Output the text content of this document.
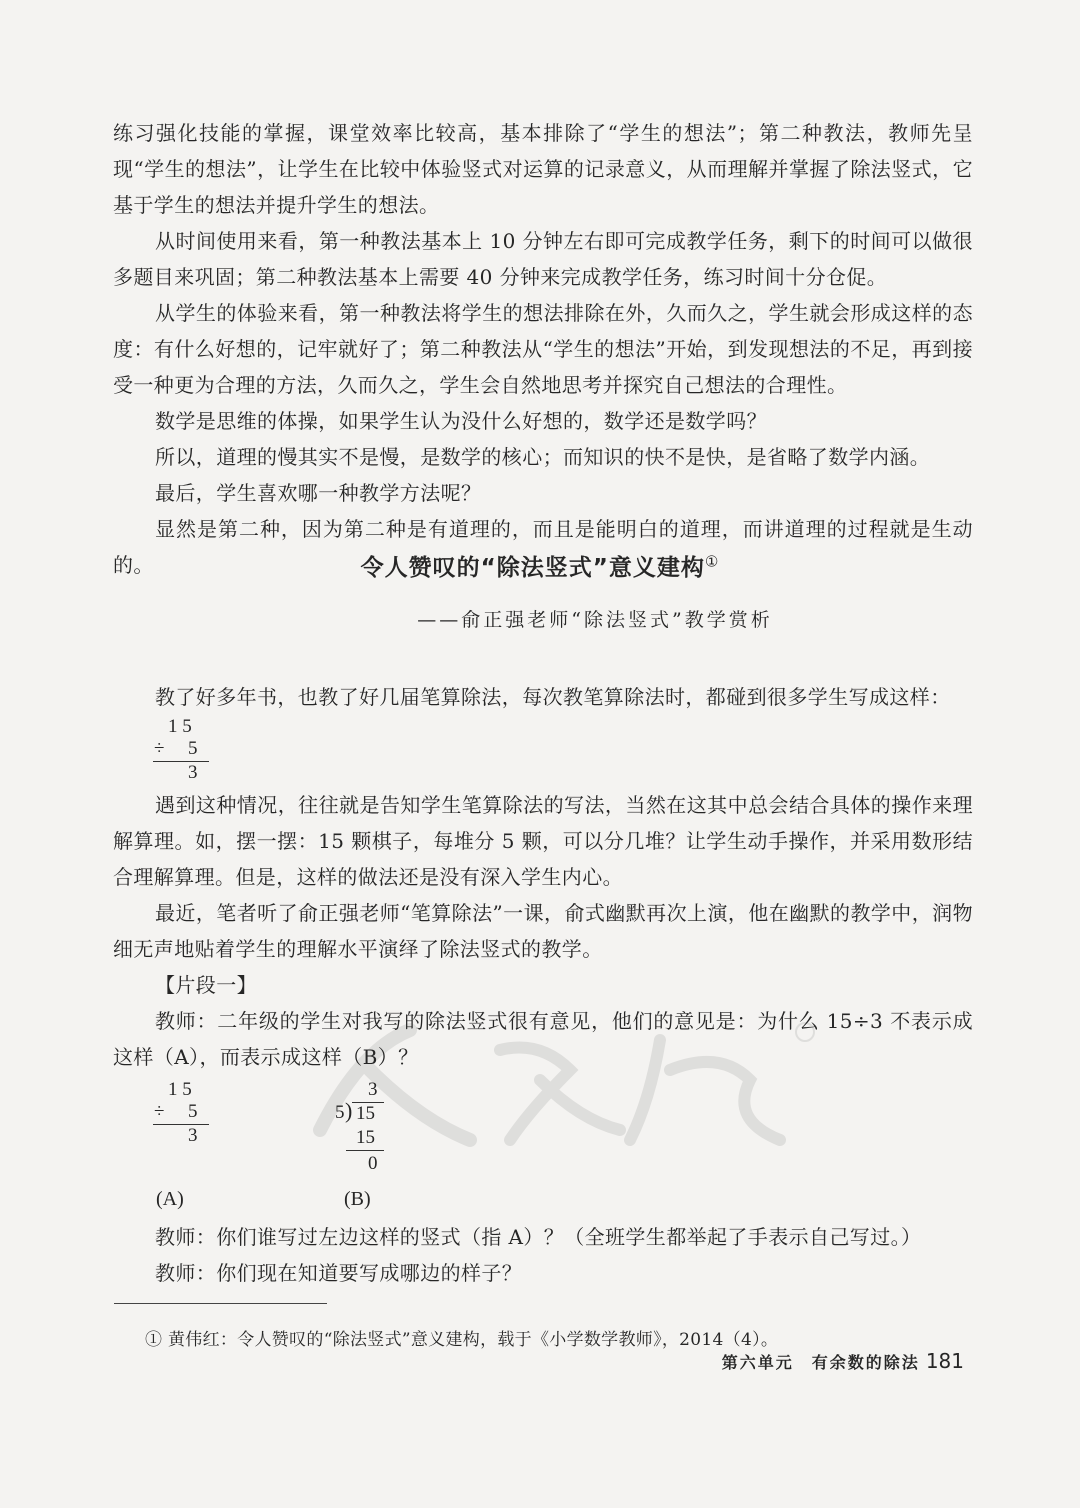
练习强化技能的掌握，课堂效率比较高，基本排除了“学生的想法”；第二种教法，教师先呈现“学生的想法”，让学生在比较中体验竖式对运算的记录意义，从而理解并掌握了除法竖式，它基于学生的想法并提升学生的想法。

从时间使用来看，第一种教法基本上 10 分钟左右即可完成教学任务，剩下的时间可以做很多题目来巩固；第二种教法基本上需要 40 分钟来完成教学任务，练习时间十分仓促。

从学生的体验来看，第一种教法将学生的想法排除在外，久而久之，学生就会形成这样的态度：有什么好想的，记牢就好了；第二种教法从“学生的想法”开始，到发现想法的不足，再到接受一种更为合理的方法，久而久之，学生会自然地思考并探究自己想法的合理性。

数学是思维的体操，如果学生认为没什么好想的，数学还是数学吗？

所以，道理的慢其实不是慢，是数学的核心；而知识的快不是快，是省略了数学内涵。

最后，学生喜欢哪一种教学方法呢？

显然是第二种，因为第二种是有道理的，而且是能明白的道理，而讲道理的过程就是生动的。	令人赞叹的“除法竖式”意义建构①
——俞正强老师“除法竖式”教学赏析

教了好多年书，也教了好几届笔算除法，每次教笔算除法时，都碰到很多学生写成这样：

1 5
÷ 5
3

遇到这种情况，往往就是告知学生笔算除法的写法，当然在这其中总会结合具体的操作来理解算理。如，摆一摆：15 颗棋子，每堆分 5 颗，可以分几堆？让学生动手操作，并采用数形结合理解算理。但是，这样的做法还是没有深入学生内心。

最近，笔者听了俞正强老师“笔算除法”一课，俞式幽默再次上演，他在幽默的教学中，润物细无声地贴着学生的理解水平演绎了除法竖式的教学。

【片段一】

教师：二年级的学生对我写的除法竖式很有意见，他们的意见是：为什么 15÷3 不表示成这样（A），而表示成这样（B）？

1 5
÷ 5
3
3
5 ) 15
15
0
(A)	(B)

教师：你们谁写过左边这样的竖式（指 A）？（全班学生都举起了手表示自己写过。）

教师：你们现在知道要写成哪边的样子？

① 黄伟红：令人赞叹的“除法竖式”意义建构，载于《小学数学教师》，2014（4）。

第六单元　有余数的除法 181
